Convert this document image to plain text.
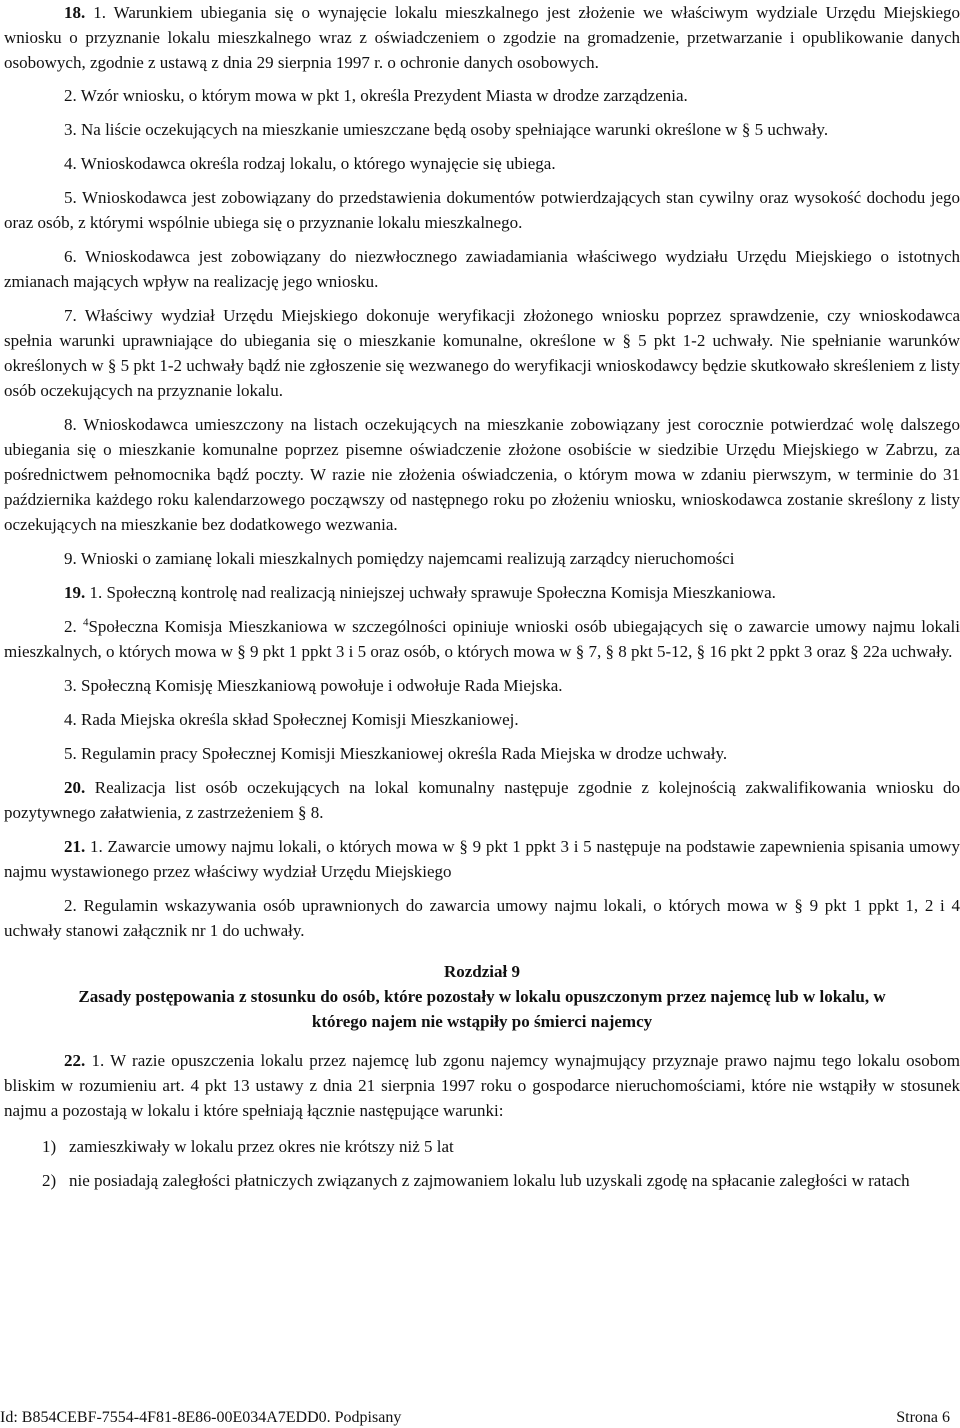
18. 1. Warunkiem ubiegania się o wynajęcie lokalu mieszkalnego jest złożenie we właściwym wydziale Urzędu Miejskiego wniosku o przyznanie lokalu mieszkalnego wraz z oświadczeniem o zgodzie na gromadzenie, przetwarzanie i opublikowanie danych osobowych, zgodnie z ustawą z dnia 29 sierpnia 1997 r. o ochronie danych osobowych.

2. Wzór wniosku, o którym mowa w pkt 1, określa Prezydent Miasta w drodze zarządzenia.

3. Na liście oczekujących na mieszkanie umieszczane będą osoby spełniające warunki określone w § 5 uchwały.

4. Wnioskodawca określa rodzaj lokalu, o którego wynajęcie się ubiega.

5. Wnioskodawca jest zobowiązany do przedstawienia dokumentów potwierdzających stan cywilny oraz wysokość dochodu jego oraz osób, z którymi wspólnie ubiega się o przyznanie lokalu mieszkalnego.

6. Wnioskodawca jest zobowiązany do niezwłocznego zawiadamiania właściwego wydziału Urzędu Miejskiego o istotnych zmianach mających wpływ na realizację jego wniosku.

7. Właściwy wydział Urzędu Miejskiego dokonuje weryfikacji złożonego wniosku poprzez sprawdzenie, czy wnioskodawca spełnia warunki uprawniające do ubiegania się o mieszkanie komunalne, określone w § 5 pkt 1-2 uchwały. Nie spełnianie warunków określonych w § 5 pkt 1-2 uchwały bądź nie zgłoszenie się wezwanego do weryfikacji wnioskodawcy będzie skutkowało skreśleniem z listy osób oczekujących na przyznanie lokalu.

8. Wnioskodawca umieszczony na listach oczekujących na mieszkanie zobowiązany jest corocznie potwierdzać wolę dalszego ubiegania się o mieszkanie komunalne poprzez pisemne oświadczenie złożone osobiście w siedzibie Urzędu Miejskiego w Zabrzu, za pośrednictwem pełnomocnika bądź poczty. W razie nie złożenia oświadczenia, o którym mowa w zdaniu pierwszym, w terminie do 31 października każdego roku kalendarzowego począwszy od następnego roku po złożeniu wniosku, wnioskodawca zostanie skreślony z listy oczekujących na mieszkanie bez dodatkowego wezwania.

9. Wnioski o zamianę lokali mieszkalnych pomiędzy najemcami realizują zarządcy nieruchomości

19. 1. Społeczną kontrolę nad realizacją niniejszej uchwały sprawuje Społeczna Komisja Mieszkaniowa.

2. $^4$Społeczna Komisja Mieszkaniowa w szczególności opiniuje wnioski osób ubiegających się o zawarcie umowy najmu lokali mieszkalnych, o których mowa w § 9 pkt 1 ppkt 3 i 5 oraz osób, o których mowa w § 7, § 8 pkt 5-12, § 16 pkt 2 ppkt 3 oraz § 22a uchwały.

3. Społeczną Komisję Mieszkaniową powołuje i odwołuje Rada Miejska.

4. Rada Miejska określa skład Społecznej Komisji Mieszkaniowej.

5. Regulamin pracy Społecznej Komisji Mieszkaniowej określa Rada Miejska w drodze uchwały.

20. Realizacja list osób oczekujących na lokal komunalny następuje zgodnie z kolejnością zakwalifikowania wniosku do pozytywnego załatwienia, z zastrzeżeniem § 8.

21. 1. Zawarcie umowy najmu lokali, o których mowa w § 9 pkt 1 ppkt 3 i 5 następuje na podstawie zapewnienia spisania umowy najmu wystawionego przez właściwy wydział Urzędu Miejskiego

2. Regulamin wskazywania osób uprawnionych do zawarcia umowy najmu lokali, o których mowa w § 9 pkt 1 ppkt 1, 2 i 4 uchwały stanowi załącznik nr 1 do uchwały.

Rozdział 9

Zasady postępowania z stosunku do osób, które pozostały w lokalu opuszczonym przez najemcę lub w lokalu, w którego najem nie wstąpiły po śmierci najemcy

22. 1. W razie opuszczenia lokalu przez najemcę lub zgonu najemcy wynajmujący przyznaje prawo najmu tego lokalu osobom bliskim w rozumieniu art. 4 pkt 13 ustawy z dnia 21 sierpnia 1997 roku o gospodarce nieruchomościami, które nie wstąpiły w stosunek najmu a pozostają w lokalu i które spełniają łącznie następujące warunki:

1) zamieszkiwały w lokalu przez okres nie krótszy niż 5 lat
2) nie posiadają zaległości płatniczych związanych z zajmowaniem lokalu lub uzyskali zgodę na spłacanie zaległości w ratach
Id: B854CEBF-7554-4F81-8E86-00E034A7EDD0. Podpisany	Strona 6
